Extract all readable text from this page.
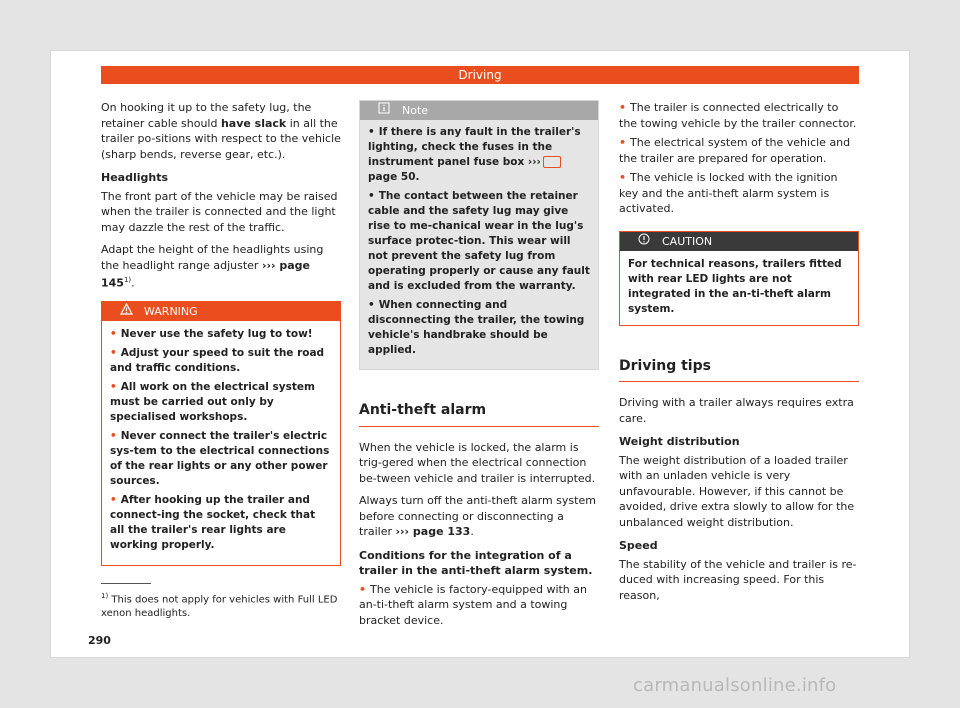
Driving

On hooking it up to the safety lug, the retainer cable should have slack in all the trailer po-sitions with respect to the vehicle (sharp bends, reverse gear, etc.).

Headlights

The front part of the vehicle may be raised when the trailer is connected and the light may dazzle the rest of the traffic.

Adapt the height of the headlights using the headlight range adjuster ››› page 145$^{1)}$.

WARNING
• Never use the safety lug to tow!
• Adjust your speed to suit the road and traffic conditions.
• All work on the electrical system must be carried out only by specialised workshops.
• Never connect the trailer's electric sys-tem to the electrical connections of the rear lights or any other power sources.
• After hooking up the trailer and connect-ing the socket, check that all the trailer's rear lights are working properly.
Note
• If there is any fault in the trailer's lighting, check the fuses in the instrument panel fuse box ››› page 50.
• The contact between the retainer cable and the safety lug may give rise to me-chanical wear in the lug's surface protec-tion. This wear will not prevent the safety lug from operating properly or cause any fault and is excluded from the warranty.
• When connecting and disconnecting the trailer, the towing vehicle's handbrake should be applied.
Anti-theft alarm

When the vehicle is locked, the alarm is trig-gered when the electrical connection be-tween vehicle and trailer is interrupted.

Always turn off the anti-theft alarm system before connecting or disconnecting a trailer ››› page 133.

Conditions for the integration of a trailer in the anti-theft alarm system.
• The vehicle is factory-equipped with an an-ti-theft alarm system and a towing bracket device.
• The trailer is connected electrically to the towing vehicle by the trailer connector.
• The electrical system of the vehicle and the trailer are prepared for operation.
• The vehicle is locked with the ignition key and the anti-theft alarm system is activated.
CAUTION
For technical reasons, trailers fitted with rear LED lights are not integrated in the an-ti-theft alarm system.
Driving tips

Driving with a trailer always requires extra care.

Weight distribution

The weight distribution of a loaded trailer with an unladen vehicle is very unfavourable. However, if this cannot be avoided, drive extra slowly to allow for the unbalanced weight distribution.

Speed

The stability of the vehicle and trailer is re-duced with increasing speed. For this reason,

$^{1)}$ This does not apply for vehicles with Full LED xenon headlights.
290
carmanualsonline.info
